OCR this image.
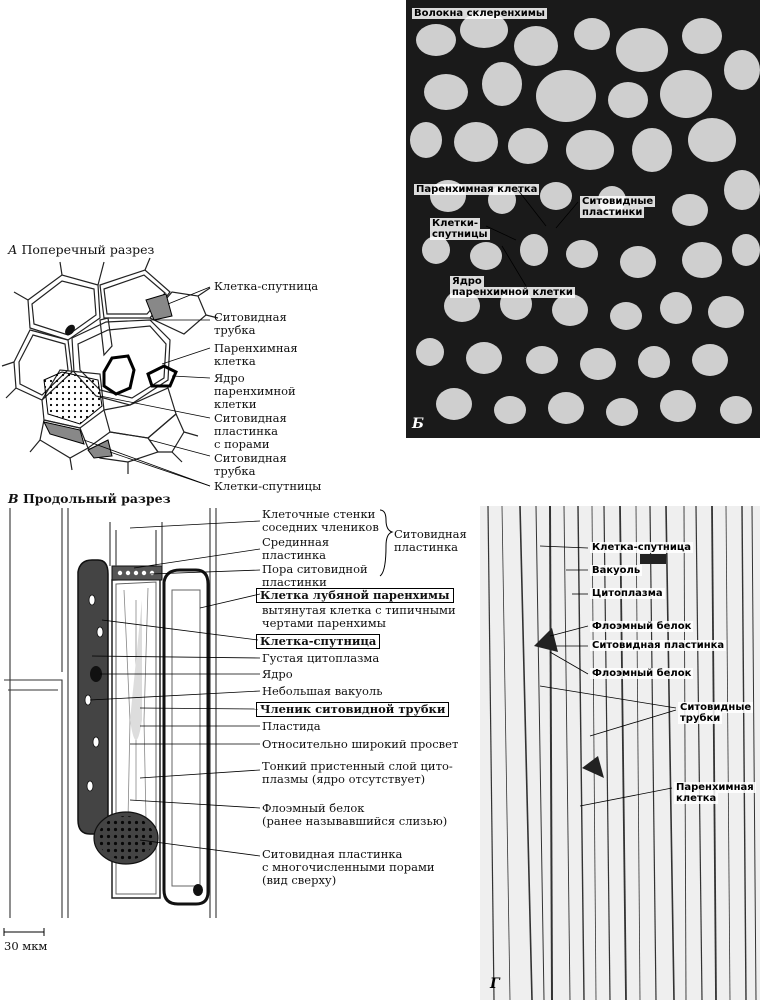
А Поперечный разрез
Клетка-спутница
Ситовидная
трубка
Паренхимная
клетка
Ядро
паренхимной
клетки
Ситовидная
пластинка
с порами
Ситовидная
трубка
Клетки-спутницы
Волокна склеренхимы
Паренхимная клетка
Ситовидные
пластинки
Клетки-
спутницы
Ядро
паренхимной клетки
Б
В Продольный разрез
Клеточные стенки
соседних члеников
Срединная
пластинка
Пора ситовидной
пластинки
Ситовидная
пластинка
Клетка лубяной паренхимы
вытянутая клетка с типичными
чертами паренхимы
Клетка-спутница
Густая цитоплазма
Ядро
Небольшая вакуоль
Членик ситовидной трубки
Пластида
Относительно широкий просвет
Тонкий пристенный слой цито-
плазмы (ядро отсутствует)
Флоэмный белок
(ранее называвшийся слизью)
Ситовидная пластинка
с многочисленными порами
(вид сверху)
30 мкм
Клетка-спутница
Вакуоль
Цитоплазма
Флоэмный белок
Ситовидная пластинка
Флоэмный белок
Ситовидные
трубки
Паренхимная
клетка
Г
